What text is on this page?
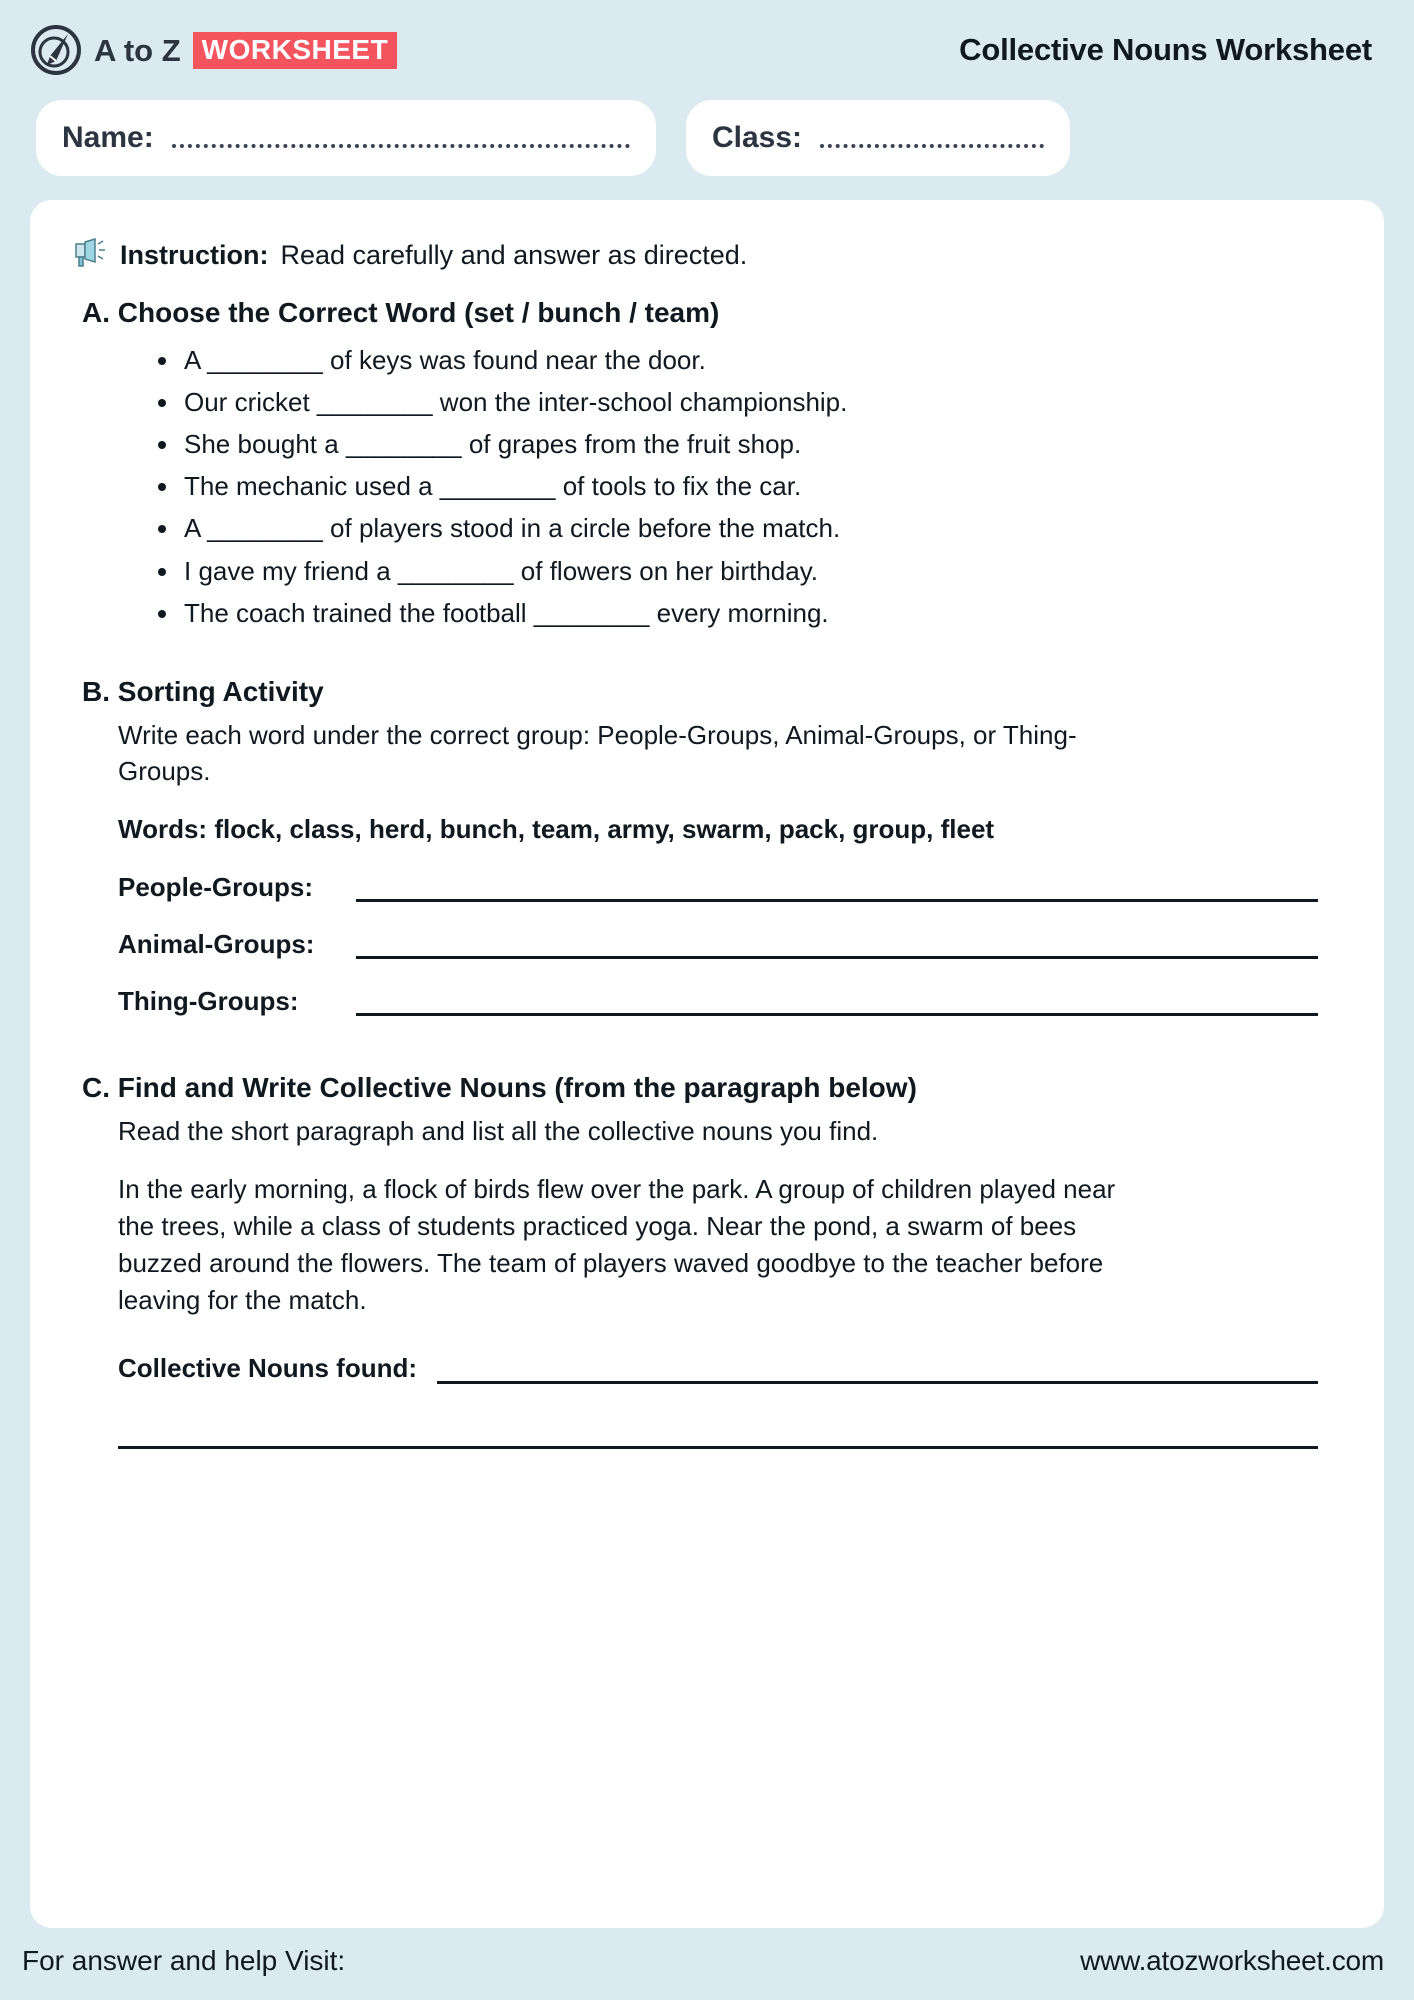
A to Z WORKSHEET	Collective Nouns Worksheet
Name:	Class:
Instruction: Read carefully and answer as directed.
A. Choose the Correct Word (set / bunch / team)
A ________ of keys was found near the door.
Our cricket ________ won the inter-school championship.
She bought a ________ of grapes from the fruit shop.
The mechanic used a ________ of tools to fix the car.
A ________ of players stood in a circle before the match.
I gave my friend a ________ of flowers on her birthday.
The coach trained the football ________ every morning.
B. Sorting Activity
Write each word under the correct group: People-Groups, Animal-Groups, or Thing-Groups.
Words: flock, class, herd, bunch, team, army, swarm, pack, group, fleet
People-Groups:
Animal-Groups:
Thing-Groups:
C. Find and Write Collective Nouns (from the paragraph below)
Read the short paragraph and list all the collective nouns you find.
In the early morning, a flock of birds flew over the park. A group of children played near the trees, while a class of students practiced yoga. Near the pond, a swarm of bees buzzed around the flowers. The team of players waved goodbye to the teacher before leaving for the match.
Collective Nouns found:
For answer and help Visit:	www.atozworksheet.com
